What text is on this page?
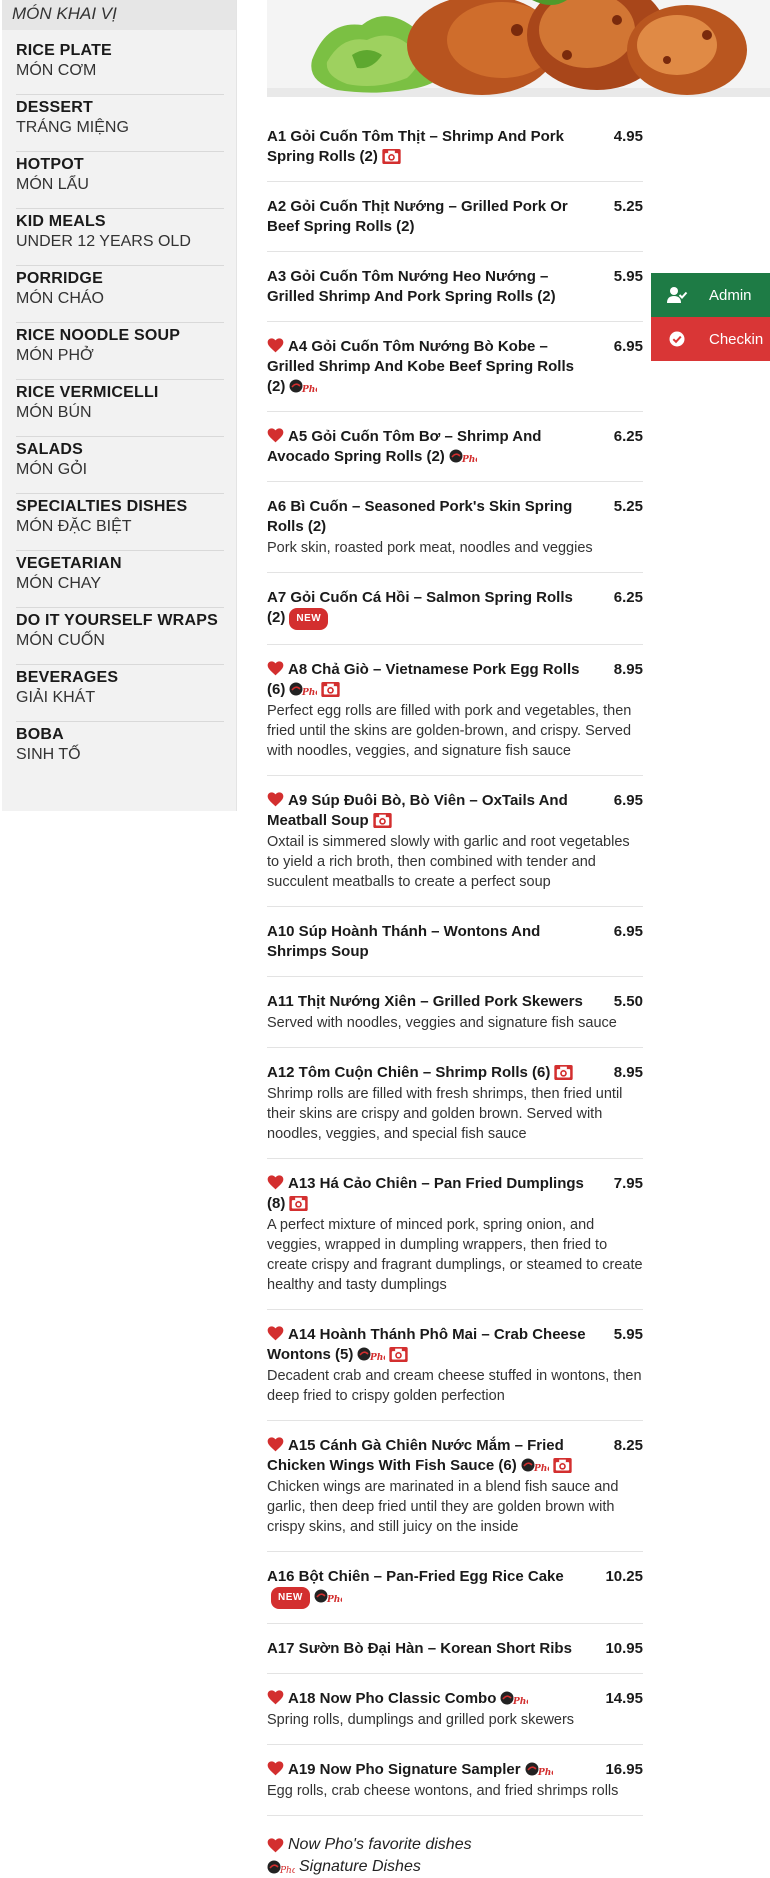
MÓN KHAI VỊ
RICE PLATE
MÓN CƠM
DESSERT
TRÁNG MIỆNG
HOTPOT
MÓN LẨU
KID MEALS
UNDER 12 YEARS OLD
PORRIDGE
MÓN CHÁO
RICE NOODLE SOUP
MÓN PHỞ
RICE VERMICELLI
MÓN BÚN
SALADS
MÓN GỎI
SPECIALTIES DISHES
MÓN ĐẶC BIỆT
VEGETARIAN
MÓN CHAY
DO IT YOURSELF WRAPS
MÓN CUỐN
BEVERAGES
GIẢI KHÁT
BOBA
SINH TỐ
Admin
Checkin
A1 Gỏi Cuốn Tôm Thịt – Shrimp And Pork Spring Rolls (2)
4.95
A2 Gỏi Cuốn Thịt Nướng – Grilled Pork Or Beef Spring Rolls (2)
5.25
A3 Gỏi Cuốn Tôm Nướng Heo Nướng – Grilled Shrimp And Pork Spring Rolls (2)
5.95
A4 Gỏi Cuốn Tôm Nướng Bò Kobe – Grilled Shrimp And Kobe Beef Spring Rolls (2)
6.95
A5 Gỏi Cuốn Tôm Bơ – Shrimp And Avocado Spring Rolls (2)
6.25
A6 Bì Cuốn – Seasoned Pork's Skin Spring Rolls (2)
5.25
Pork skin, roasted pork meat, noodles and veggies
A7 Gỏi Cuốn Cá Hồi – Salmon Spring Rolls (2) NEW
6.25
A8 Chả Giò – Vietnamese Pork Egg Rolls (6)
8.95
Perfect egg rolls are filled with pork and vegetables, then fried until the skins are golden-brown, and crispy. Served with noodles, veggies, and signature fish sauce
A9 Súp Đuôi Bò, Bò Viên – OxTails And Meatball Soup
6.95
Oxtail is simmered slowly with garlic and root vegetables to yield a rich broth, then combined with tender and succulent meatballs to create a perfect soup
A10 Súp Hoành Thánh – Wontons And Shrimps Soup
6.95
A11 Thịt Nướng Xiên – Grilled Pork Skewers 5.50
Served with noodles, veggies and signature fish sauce
A12 Tôm Cuộn Chiên – Shrimp Rolls (6)	8.95
Shrimp rolls are filled with fresh shrimps, then fried until their skins are crispy and golden brown. Served with noodles, veggies, and special fish sauce
A13 Há Cảo Chiên – Pan Fried Dumplings (8)
7.95
A perfect mixture of minced pork, spring onion, and veggies, wrapped in dumpling wrappers, then fried to create crispy and fragrant dumplings, or steamed to create healthy and tasty dumplings
A14 Hoành Thánh Phô Mai – Crab Cheese Wontons (5)
5.95
Decadent crab and cream cheese stuffed in wontons, then deep fried to crispy golden perfection
A15 Cánh Gà Chiên Nước Mắm – Fried Chicken Wings With Fish Sauce (6)
8.25
Chicken wings are marinated in a blend fish sauce and garlic, then deep fried until they are golden brown with crispy skins, and still juicy on the inside
A16 Bột Chiên – Pan-Fried Egg Rice Cake
NEW
10.25
A17 Sườn Bò Đại Hàn – Korean Short Ribs	10.95
A18 Now Pho Classic Combo	14.95
Spring rolls, dumplings and grilled pork skewers
A19 Now Pho Signature Sampler	16.95
Egg rolls, crab cheese wontons, and fried shrimps rolls
Now Pho's favorite dishes
Signature Dishes
